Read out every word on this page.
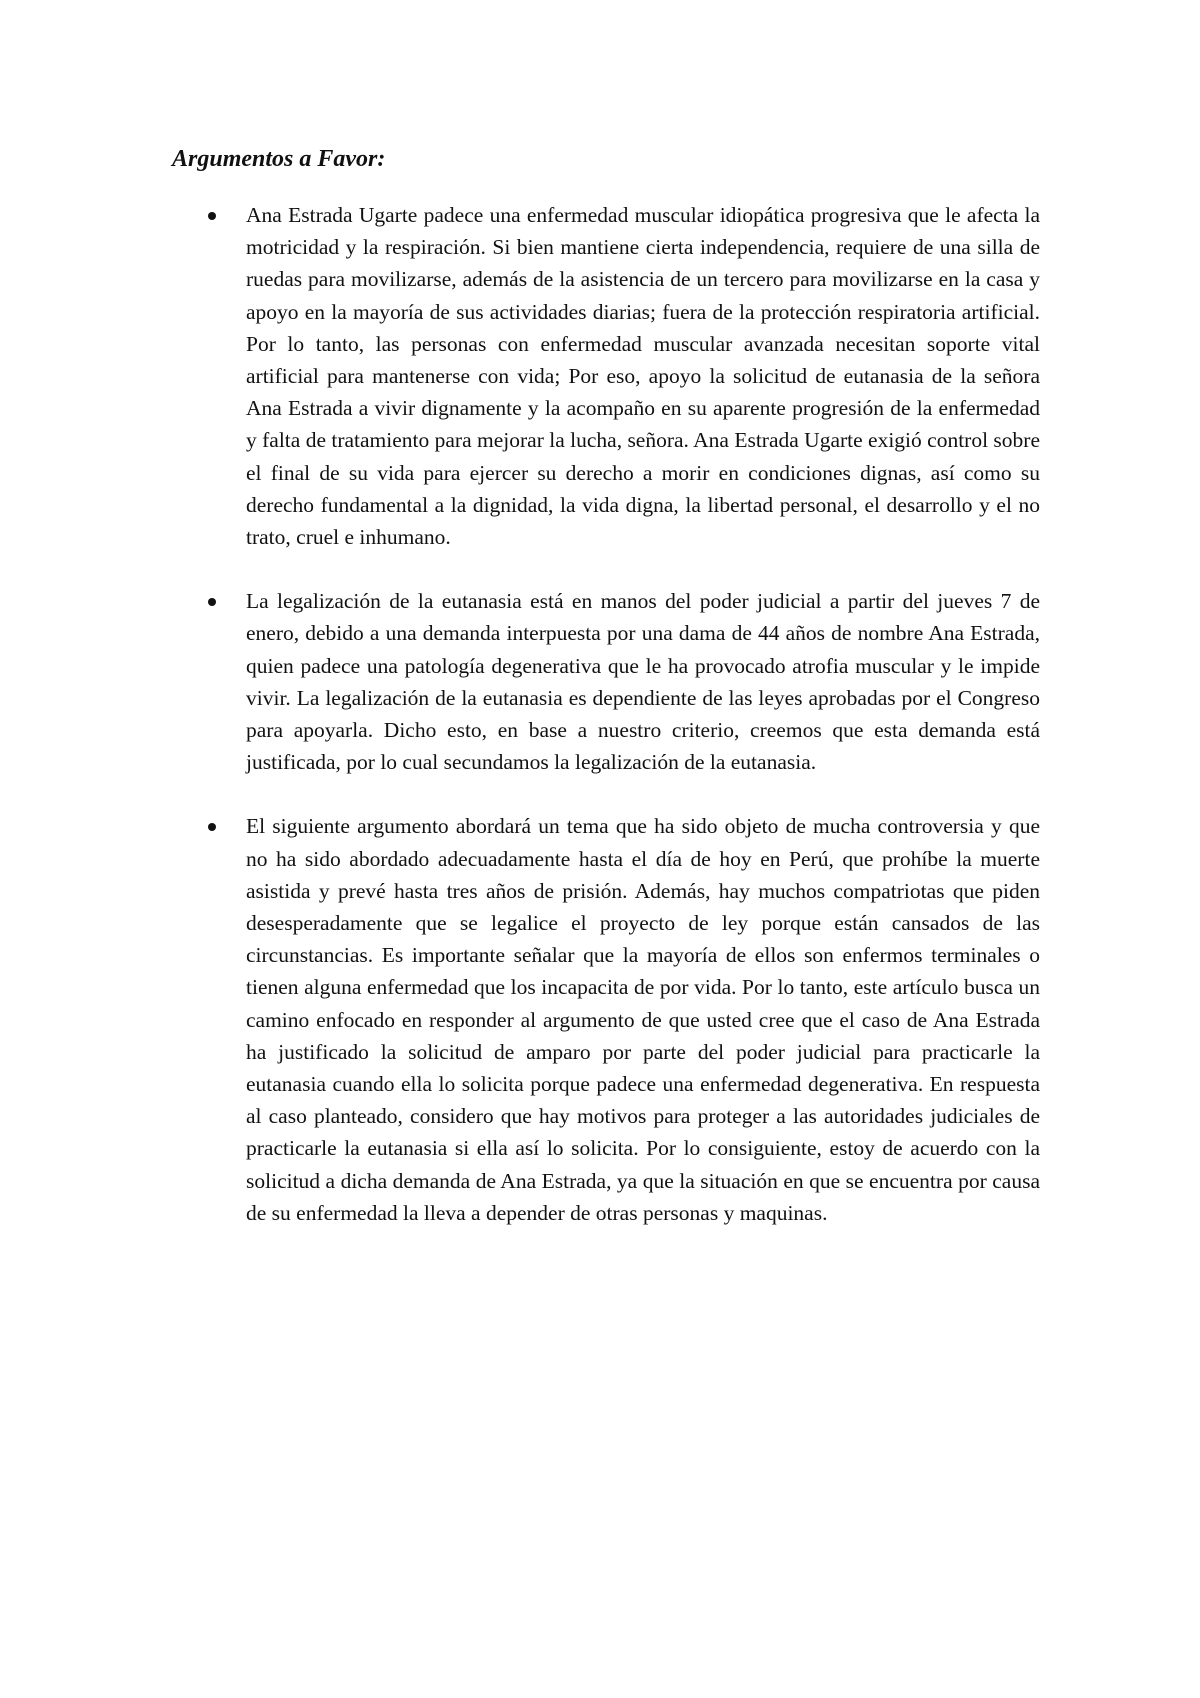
Argumentos a Favor:
Ana Estrada Ugarte padece una enfermedad muscular idiopática progresiva que le afecta la motricidad y la respiración. Si bien mantiene cierta independencia, requiere de una silla de ruedas para movilizarse, además de la asistencia de un tercero para movilizarse en la casa y apoyo en la mayoría de sus actividades diarias; fuera de la protección respiratoria artificial. Por lo tanto, las personas con enfermedad muscular avanzada necesitan soporte vital artificial para mantenerse con vida; Por eso, apoyo la solicitud de eutanasia de la señora Ana Estrada a vivir dignamente y la acompaño en su aparente progresión de la enfermedad y falta de tratamiento para mejorar la lucha, señora. Ana Estrada Ugarte exigió control sobre el final de su vida para ejercer su derecho a morir en condiciones dignas, así como su derecho fundamental a la dignidad, la vida digna, la libertad personal, el desarrollo y el no trato, cruel e inhumano.
La legalización de la eutanasia está en manos del poder judicial a partir del jueves 7 de enero, debido a una demanda interpuesta por una dama de 44 años de nombre Ana Estrada, quien padece una patología degenerativa que le ha provocado atrofia muscular y le impide vivir. La legalización de la eutanasia es dependiente de las leyes aprobadas por el Congreso para apoyarla. Dicho esto, en base a nuestro criterio, creemos que esta demanda está justificada, por lo cual secundamos la legalización de la eutanasia.
El siguiente argumento abordará un tema que ha sido objeto de mucha controversia y que no ha sido abordado adecuadamente hasta el día de hoy en Perú, que prohíbe la muerte asistida y prevé hasta tres años de prisión. Además, hay muchos compatriotas que piden desesperadamente que se legalice el proyecto de ley porque están cansados de las circunstancias. Es importante señalar que la mayoría de ellos son enfermos terminales o tienen alguna enfermedad que los incapacita de por vida. Por lo tanto, este artículo busca un camino enfocado en responder al argumento de que usted cree que el caso de Ana Estrada ha justificado la solicitud de amparo por parte del poder judicial para practicarle la eutanasia cuando ella lo solicita porque padece una enfermedad degenerativa. En respuesta al caso planteado, considero que hay motivos para proteger a las autoridades judiciales de practicarle la eutanasia si ella así lo solicita. Por lo consiguiente, estoy de acuerdo con la solicitud a dicha demanda de Ana Estrada, ya que la situación en que se encuentra por causa de su enfermedad la lleva a depender de otras personas y maquinas.
